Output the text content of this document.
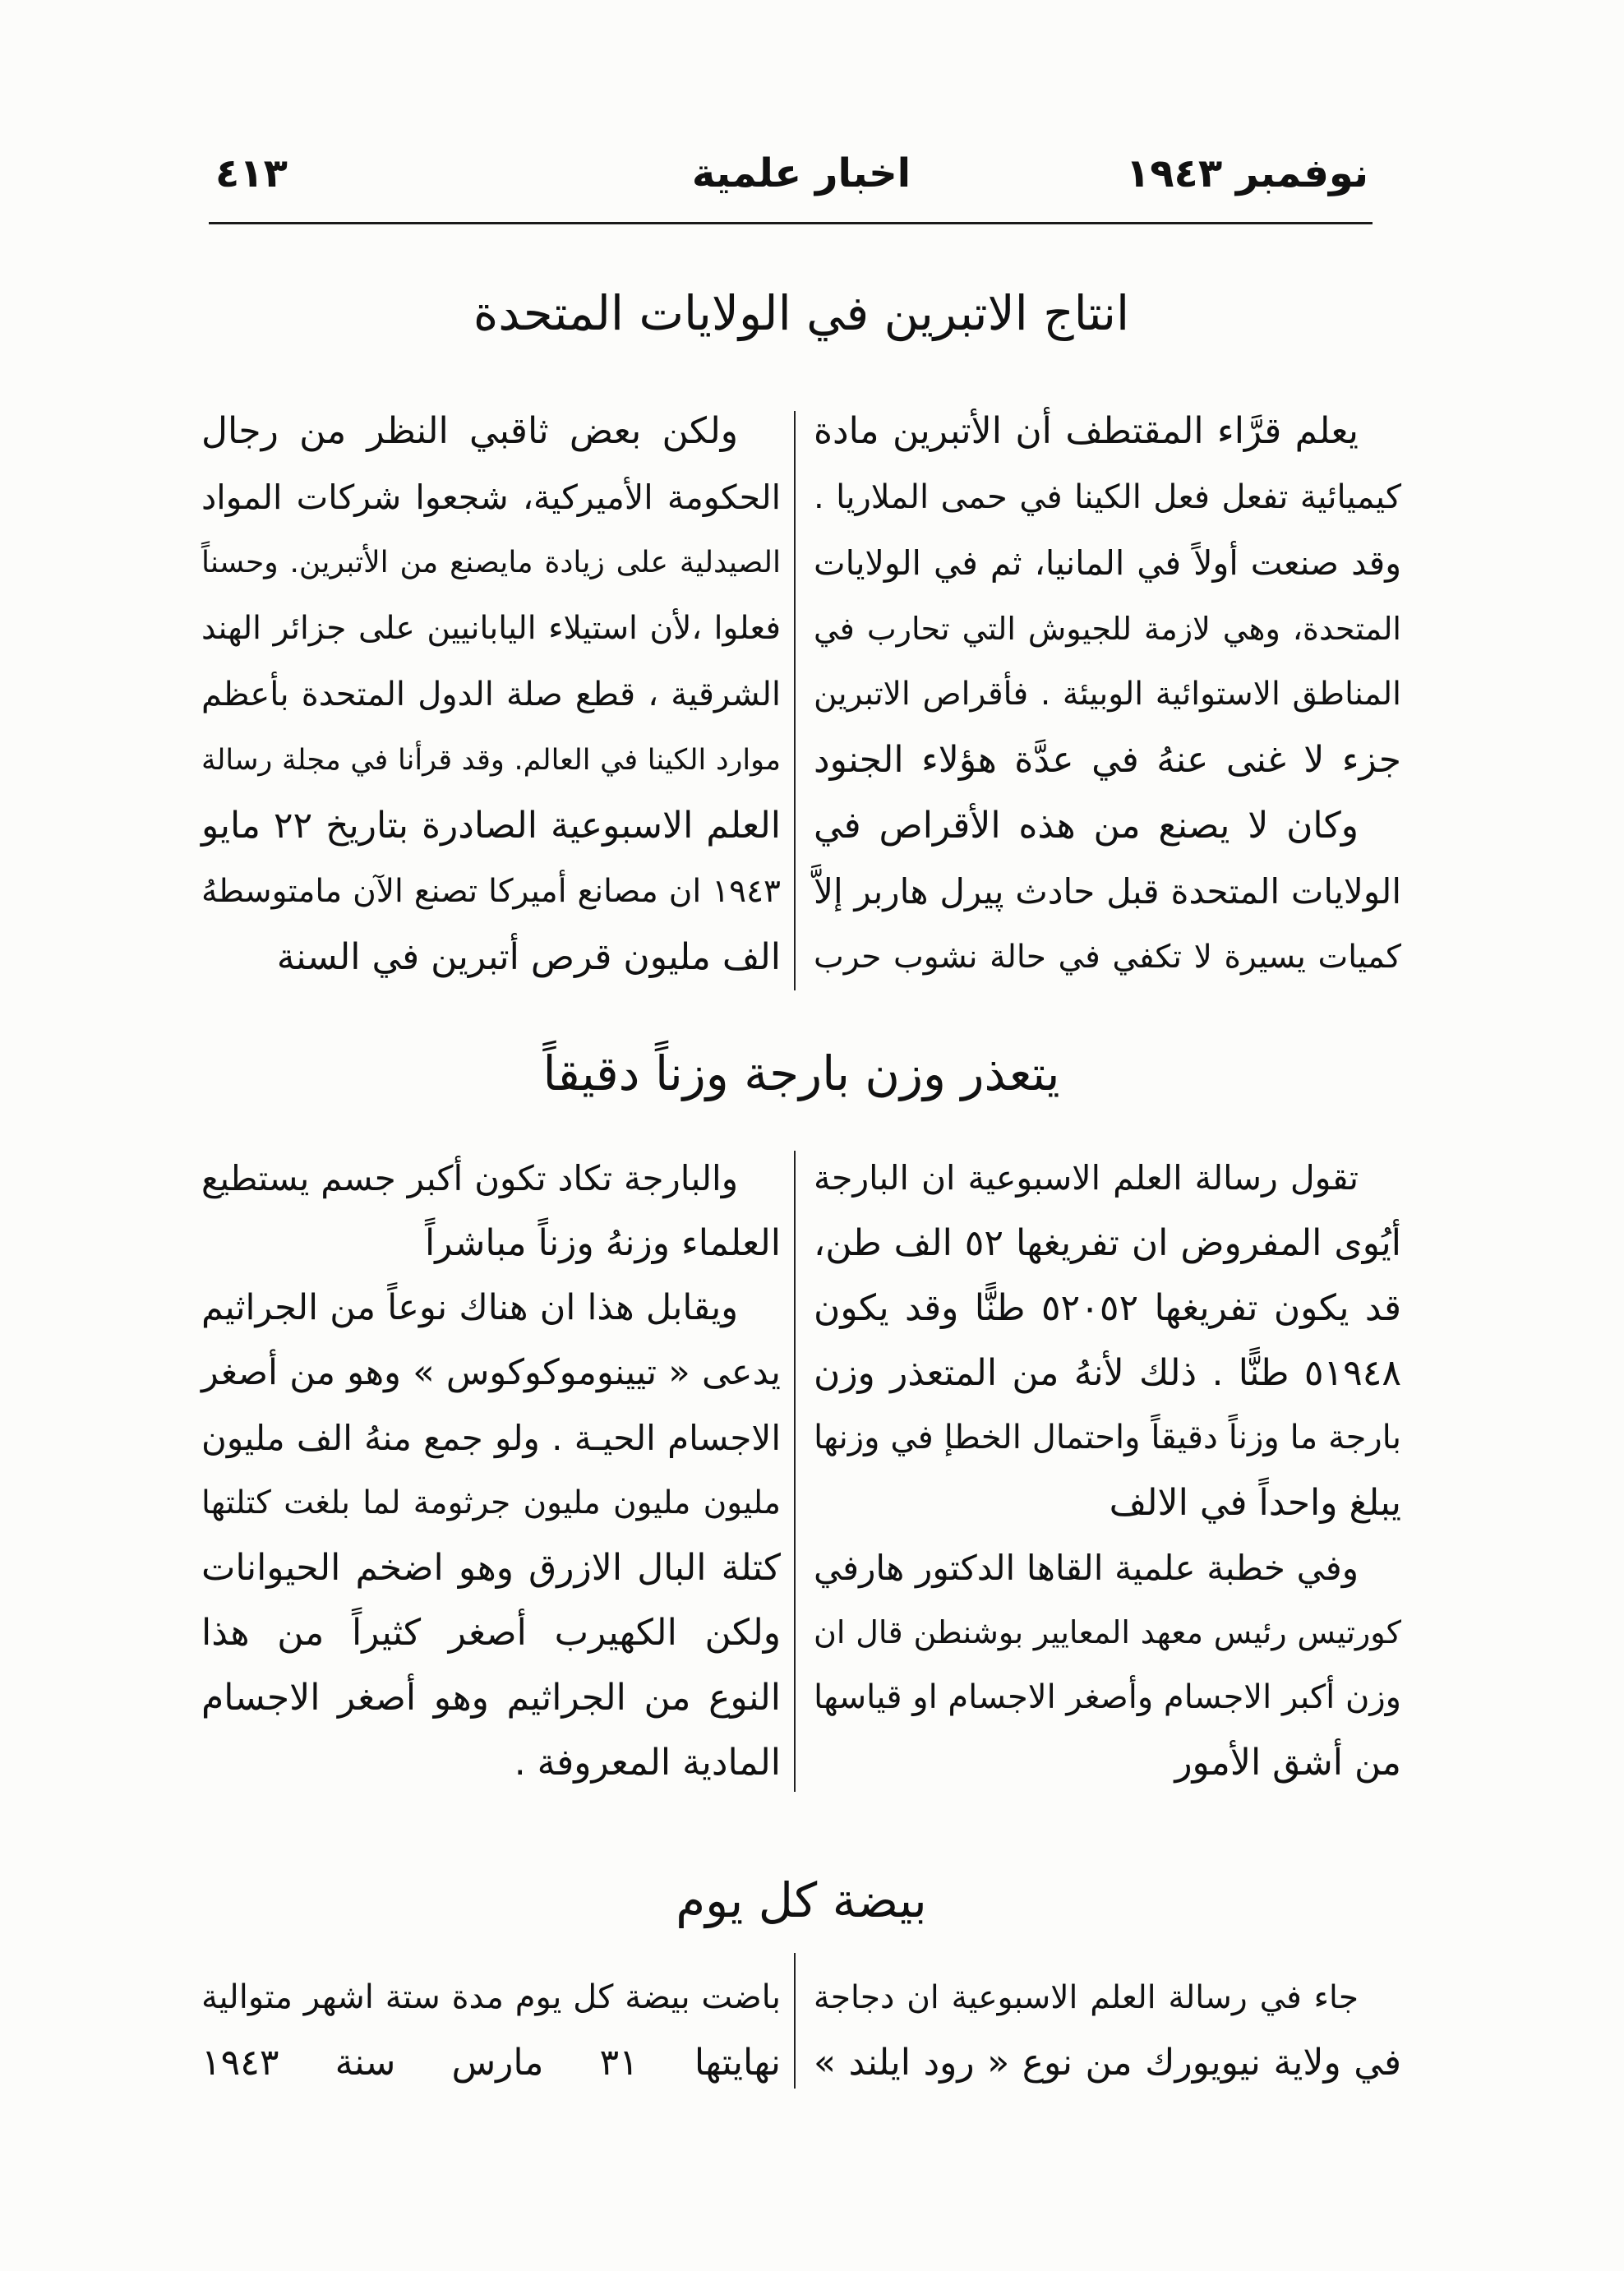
نوفمبر ١٩٤٣
اخبار علمية
٤١٣
انتاج الاتبرين في الولايات المتحدة
يعلم قرَّاء المقتطف أن الأتبرين مادة
كيميائية تفعل فعل الكينا في حمى الملاريا .
وقد صنعت أولاً في المانيا، ثم في الولايات
المتحدة، وهي لازمة للجيوش التي تحارب في
المناطق الاستوائية الوبيئة . فأقراص الاتبرين
جزء لا غنى عنهُ في عدَّة هؤلاء الجنود
وكان لا يصنع من هذه الأقراص في
الولايات المتحدة قبل حادث پيرل هاربر إلاَّ
كميات يسيرة لا تكفي في حالة نشوب حرب
ولكن بعض ثاقبي النظر من رجال
الحكومة الأميركية، شجعوا شركات المواد
الصيدلية على زيادة مايصنع من الأتبرين. وحسناً
فعلوا ،لأن استيلاء اليابانيين على جزائر الهند
الشرقية ، قطع صلة الدول المتحدة بأعظم
موارد الكينا في العالم. وقد قرأنا في مجلة رسالة
العلم الاسبوعية الصادرة بتاريخ ٢٢ مايو
١٩٤٣ ان مصانع أميركا تصنع الآن مامتوسطهُ
الف مليون قرص أتبرين في السنة
يتعذر وزن بارجة وزناً دقيقاً
تقول رسالة العلم الاسبوعية ان البارجة
أيُوى المفروض ان تفريغها ٥٢ الف طن،
قد يكون تفريغها ٥٢٠٥٢ طنًّا وقد يكون
٥١٩٤٨ طنًّا . ذلك لأنهُ من المتعذر وزن
بارجة ما وزناً دقيقاً واحتمال الخطإ في وزنها
يبلغ واحداً في الالف
وفي خطبة علمية القاها الدكتور هارفي
كورتيس رئيس معهد المعايير بوشنطن قال ان
وزن أكبر الاجسام وأصغر الاجسام او قياسها
من أشق الأمور
والبارجة تكاد تكون أكبر جسم يستطيع
العلماء وزنهُ وزناً مباشراً
ويقابل هذا ان هناك نوعاً من الجراثيم
يدعى « تيينوموكوكوس » وهو من أصغر
الاجسام الحيـة . ولو جمع منهُ الف مليون
مليون مليون مليون جرثومة لما بلغت كتلتها
كتلة البال الازرق وهو اضخم الحيوانات
ولكن الكهيرب أصغر كثيراً من هذا
النوع من الجراثيم وهو أصغر الاجسام
المادية المعروفة .
بيضة كل يوم
جاء في رسالة العلم الاسبوعية ان دجاجة
في ولاية نيويورك من نوع « رود ايلند »
باضت بيضة كل يوم مدة ستة اشهر متوالية
نهايتها ٣١ مارس سنة ١٩٤٣
